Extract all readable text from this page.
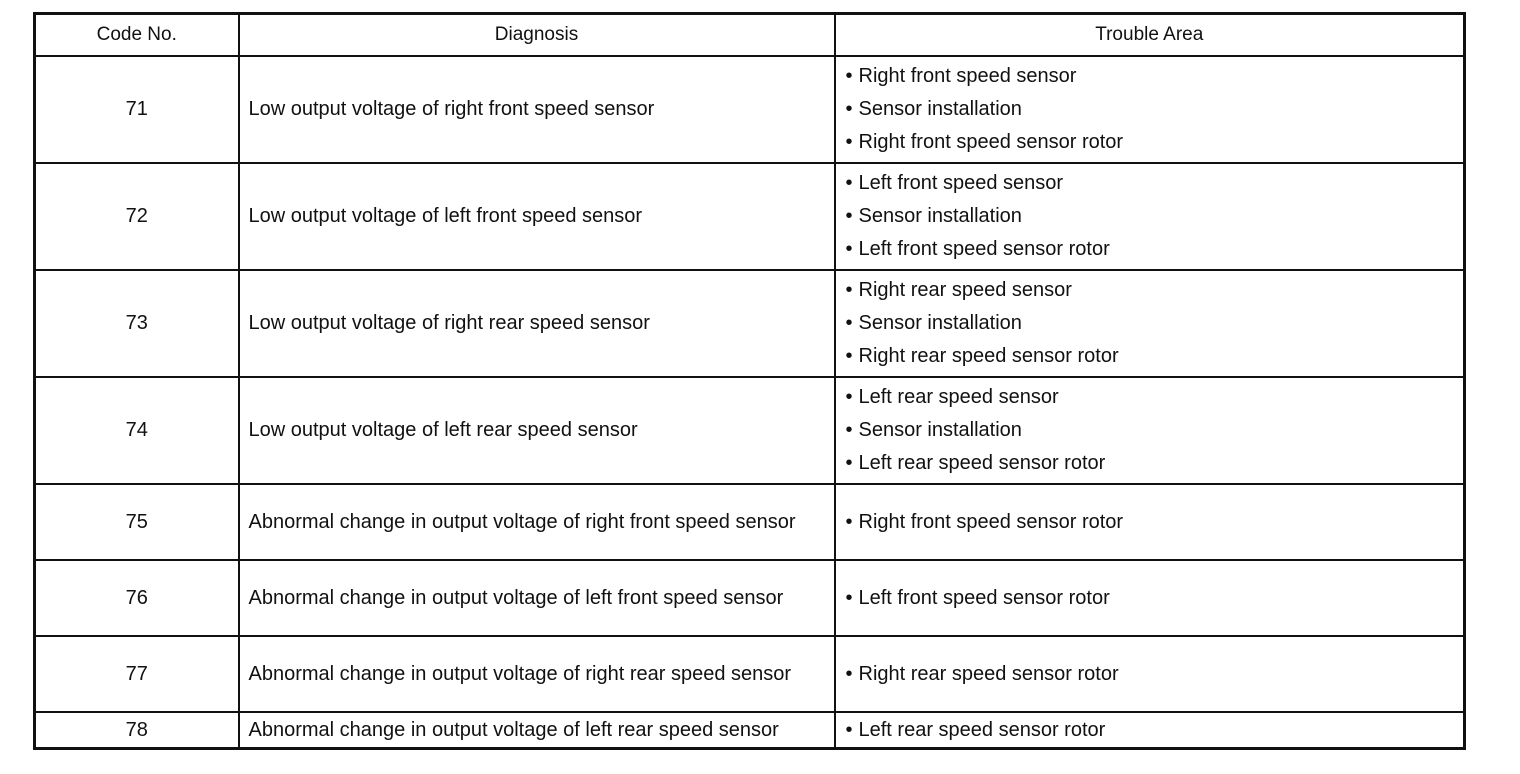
Code No.	Diagnosis	Trouble Area
71	Low output voltage of right front speed sensor	• Right front speed sensor
• Sensor installation
• Right front speed sensor rotor

72	Low output voltage of left front speed sensor	• Left front speed sensor
• Sensor installation
• Left front speed sensor rotor

73	Low output voltage of right rear speed sensor	• Right rear speed sensor
• Sensor installation
• Right rear speed sensor rotor

74	Low output voltage of left rear speed sensor	• Left rear speed sensor
• Sensor installation
• Left rear speed sensor rotor

75	Abnormal change in output voltage of right front speed sensor	• Right front speed sensor rotor

76	Abnormal change in output voltage of left front speed sensor	• Left front speed sensor rotor

77	Abnormal change in output voltage of right rear speed sensor	• Right rear speed sensor rotor

78	Abnormal change in output voltage of left rear speed sensor	• Left rear speed sensor rotor
